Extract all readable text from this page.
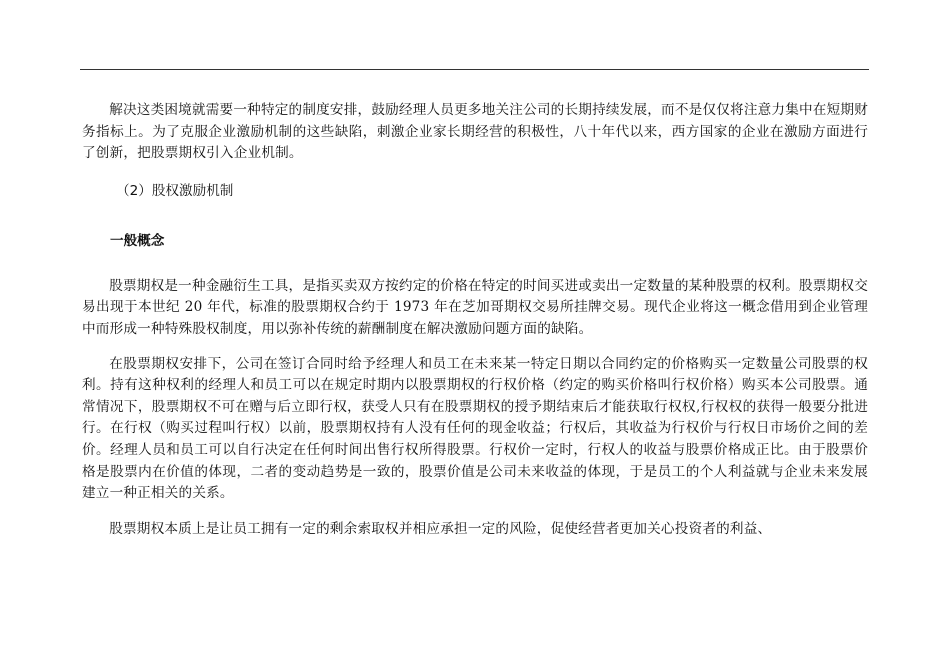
解决这类困境就需要一种特定的制度安排，鼓励经理人员更多地关注公司的长期持续发展，而不是仅仅将注意力集中在短期财务指标上。为了克服企业激励机制的这些缺陷，刺激企业家长期经营的积极性，八十年代以来，西方国家的企业在激励方面进行了创新，把股票期权引入企业机制。

（2）股权激励机制
一般概念

股票期权是一种金融衍生工具，是指买卖双方按约定的价格在特定的时间买进或卖出一定数量的某种股票的权利。股票期权交易出现于本世纪 20 年代，标准的股票期权合约于 1973 年在芝加哥期权交易所挂牌交易。现代企业将这一概念借用到企业管理中而形成一种特殊股权制度，用以弥补传统的薪酬制度在解决激励问题方面的缺陷。

在股票期权安排下，公司在签订合同时给予经理人和员工在未来某一特定日期以合同约定的价格购买一定数量公司股票的权利。持有这种权利的经理人和员工可以在规定时期内以股票期权的行权价格（约定的购买价格叫行权价格）购买本公司股票。通常情况下，股票期权不可在赠与后立即行权，获受人只有在股票期权的授予期结束后才能获取行权权,行权权的获得一般要分批进行。在行权（购买过程叫行权）以前，股票期权持有人没有任何的现金收益；行权后，其收益为行权价与行权日市场价之间的差价。经理人员和员工可以自行决定在任何时间出售行权所得股票。行权价一定时，行权人的收益与股票价格成正比。由于股票价格是股票内在价值的体现，二者的变动趋势是一致的，股票价值是公司未来收益的体现，于是员工的个人利益就与企业未来发展建立一种正相关的关系。

股票期权本质上是让员工拥有一定的剩余索取权并相应承担一定的风险，促使经营者更加关心投资者的利益、
